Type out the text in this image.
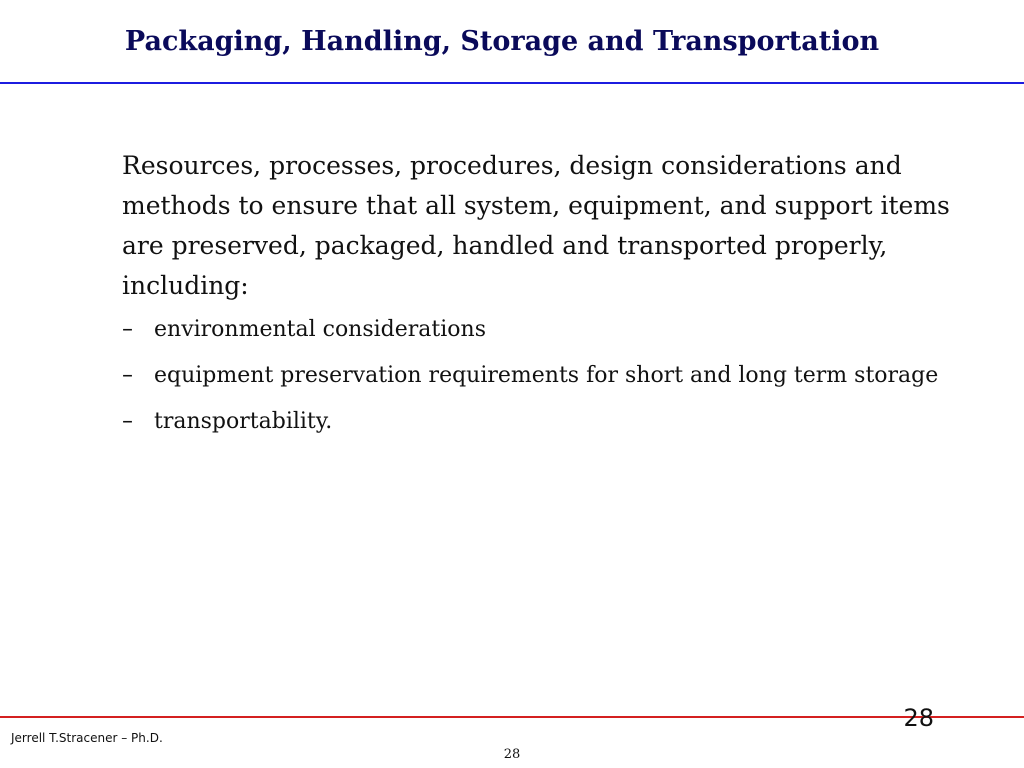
Packaging, Handling, Storage and Transportation

Resources, processes, procedures, design considerations and methods to ensure that all system, equipment, and support items are preserved, packaged, handled and transported properly, including:

– environmental considerations
– equipment preservation requirements for short and long term storage
– transportability.
28
Jerrell T.Stracener – Ph.D.
28
